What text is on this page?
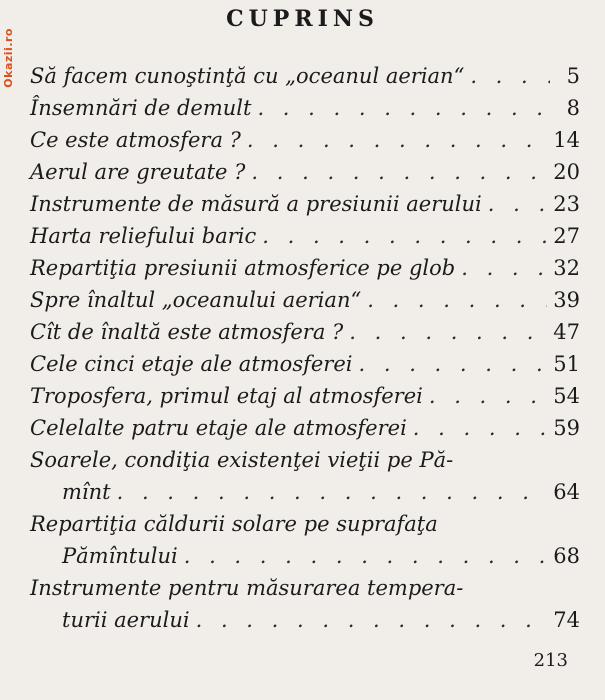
Okazii.ro
CUPRINS
Să facem cunoştinţă cu „oceanul aerian“ . . .	5
Însemnări de demult . . .	8
Ce este atmosfera ? . . .	14
Aerul are greutate ? . . .	20
Instrumente de măsură a presiunii aerului . . .	23
Harta reliefului baric . . .	27
Repartiţia presiunii atmosferice pe glob . . .	32
Spre înaltul „oceanului aerian“ . . .	39
Cît de înaltă este atmosfera ? . . .	47
Cele cinci etaje ale atmosferei . . .	51
Troposfera, primul etaj al atmosferei . . .	54
Celelalte patru etaje ale atmosferei . . .	59
Soarele, condiţia existenţei vieţii pe Pă-
mînt . . .	64
Repartiţia căldurii solare pe suprafaţa
Pămîntului . . .	68
Instrumente pentru măsurarea tempera-
turii aerului . . .	74
213
